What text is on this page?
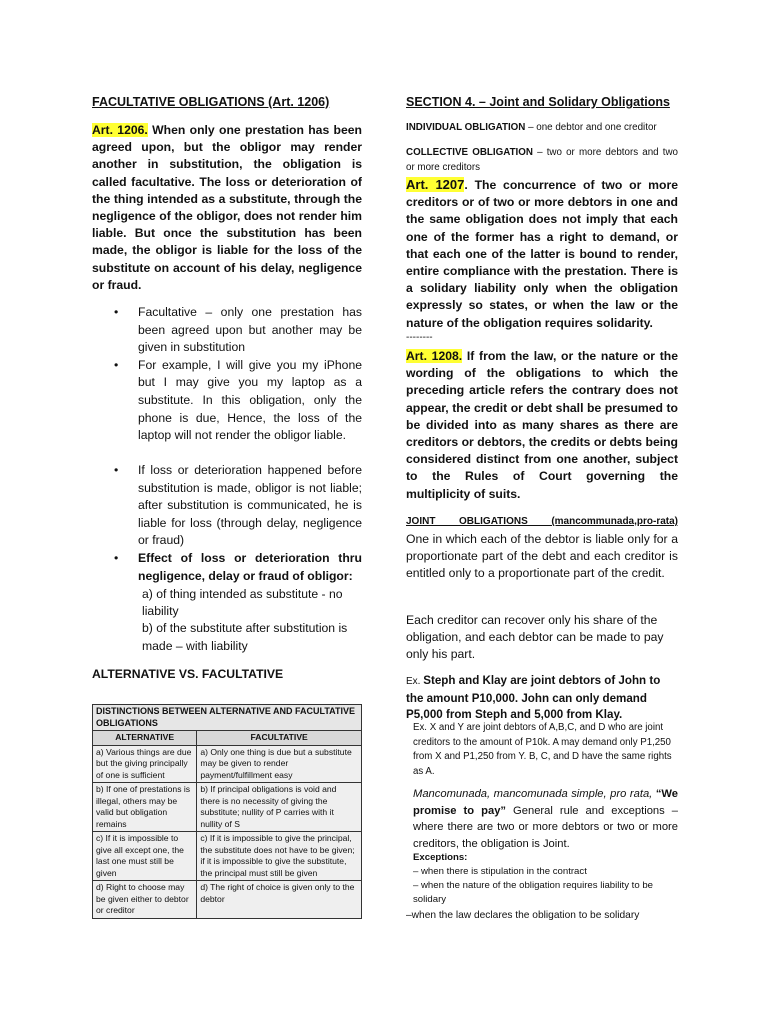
FACULTATIVE OBLIGATIONS (Art. 1206)
Art. 1206. When only one prestation has been agreed upon, but the obligor may render another in substitution, the obligation is called facultative. The loss or deterioration of the thing intended as a substitute, through the negligence of the obligor, does not render him liable. But once the substitution has been made, the obligor is liable for the loss of the substitute on account of his delay, negligence or fraud.
• Facultative – only one prestation has been agreed upon but another may be given in substitution
• For example, I will give you my iPhone but I may give you my laptop as a substitute. In this obligation, only the phone is due, Hence, the loss of the laptop will not render the obligor liable.
• If loss or deterioration happened before substitution is made, obligor is not liable; after substitution is communicated, he is liable for loss (through delay, negligence or fraud)
• Effect of loss or deterioration thru negligence, delay or fraud of obligor:
a) of thing intended as substitute - no liability
b) of the substitute after substitution is made – with liability
ALTERNATIVE VS. FACULTATIVE
DISTINCTIONS BETWEEN ALTERNATIVE AND FACULTATIVE OBLIGATIONS	
ALTERNATIVE	FACULTATIVE
a) Various things are due but the giving principally of one is sufficient	a) Only one thing is due but a substitute may be given to render payment/fulfillment easy
b) If one of prestations is illegal, others may be valid but obligation remains	b) If principal obligations is void and there is no necessity of giving the substitute; nullity of P carries with it nullity of S
c) If it is impossible to give all except one, the last one must still be given	c) If it is impossible to give the principal, the substitute does not have to be given; if it is impossible to give the substitute, the principal must still be given
d) Right to choose may be given either to debtor or creditor	d) The right of choice is given only to the debtor
SECTION 4. – Joint and Solidary Obligations
INDIVIDUAL OBLIGATION – one debtor and one creditor
COLLECTIVE OBLIGATION – two or more debtors and two or more creditors
Art. 1207. The concurrence of two or more creditors or of two or more debtors in one and the same obligation does not imply that each one of the former has a right to demand, or that each one of the latter is bound to render, entire compliance with the prestation. There is a solidary liability only when the obligation expressly so states, or when the law or the nature of the obligation requires solidarity.
--------
Art. 1208. If from the law, or the nature or the wording of the obligations to which the preceding article refers the contrary does not appear, the credit or debt shall be presumed to be divided into as many shares as there are creditors or debtors, the credits or debts being considered distinct from one another, subject to the Rules of Court governing the multiplicity of suits.
JOINT OBLIGATIONS (mancommunada,pro-rata)
One in which each of the debtor is liable only for a proportionate part of the debt and each creditor is entitled only to a proportionate part of the credit.
Each creditor can recover only his share of the obligation, and each debtor can be made to pay only his part.
Ex. Steph and Klay are joint debtors of John to the amount P10,000. John can only demand P5,000 from Steph and 5,000 from Klay.
Ex. X and Y are joint debtors of A,B,C, and D who are joint creditors to the amount of P10k. A may demand only P1,250 from X and P1,250 from Y. B, C, and D have the same rights as A.
Mancomunada, mancomunada simple, pro rata, “We promise to pay” General rule and exceptions – where there are two or more debtors or two or more creditors, the obligation is Joint.
Exceptions:
– when there is stipulation in the contract
– when the nature of the obligation requires liability to be solidary
–when the law declares the obligation to be solidary
